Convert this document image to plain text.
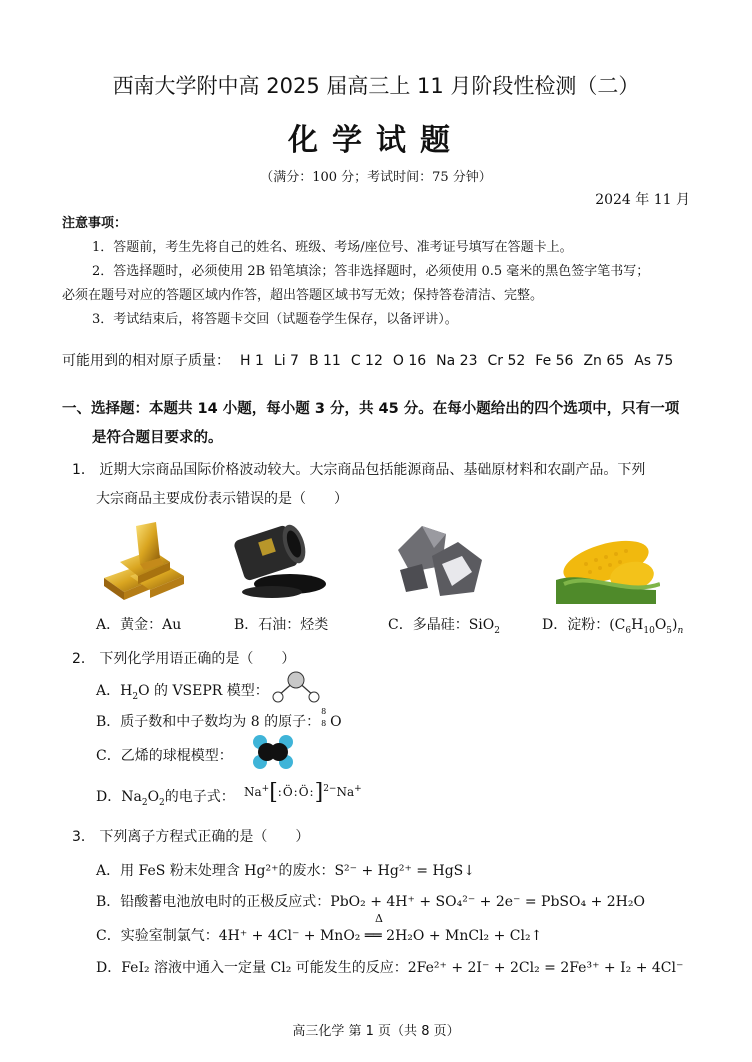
西南大学附中高 2025 届高三上 11 月阶段性检测（二）
化学试题
（满分：100 分；考试时间：75 分钟）
2024 年 11 月
注意事项：
1．答题前，考生先将自己的姓名、班级、考场/座位号、准考证号填写在答题卡上。
2．答选择题时，必须使用 2B 铅笔填涂；答非选择题时，必须使用 0.5 毫米的黑色签字笔书写；
必须在题号对应的答题区域内作答，超出答题区域书写无效；保持答卷清洁、完整。
3．考试结束后，将答题卡交回（试题卷学生保存，以备评讲）。
可能用到的相对原子质量： H 1 Li 7 B 11 C 12 O 16 Na 23 Cr 52 Fe 56 Zn 65 As 75
一、选择题：本题共 14 小题，每小题 3 分，共 45 分。在每小题给出的四个选项中，只有一项
是符合题目要求的。
1． 近期大宗商品国际价格波动较大。大宗商品包括能源商品、基础原材料和农副产品。下列
大宗商品主要成份表示错误的是（　　）
A．黄金：Au	B．石油：烃类	C．多晶硅：SiO$_2$	D．淀粉：$(C_6H_{10}O_5)_n$
2． 下列化学用语正确的是（　　）
A．$H_2O$ 的 VSEPR 模型：
B．质子数和中子数均为 8 的原子：
8
8 O
C．乙烯的球棍模型：
D．$Na_2O_2$的电子式： Na+[:Ö:Ö:]$^{2-}$Na+
3． 下列离子方程式正确的是（　　）
A．用 FeS 粉末处理含 Hg²⁺的废水：S²⁻ + Hg²⁺ = HgS↓
B．铅酸蓄电池放电时的正极反应式：PbO₂ + 4H⁺ + SO₄²⁻ + 2e⁻ = PbSO₄ + 2H₂O
Δ
C．实验室制氯气：4H⁺ + 4Cl⁻ + MnO₂ ══ 2H₂O + MnCl₂ + Cl₂↑
D．FeI₂ 溶液中通入一定量 Cl₂ 可能发生的反应：2Fe²⁺ + 2I⁻ + 2Cl₂ = 2Fe³⁺ + I₂ + 4Cl⁻
高三化学 第 1 页（共 8 页）
